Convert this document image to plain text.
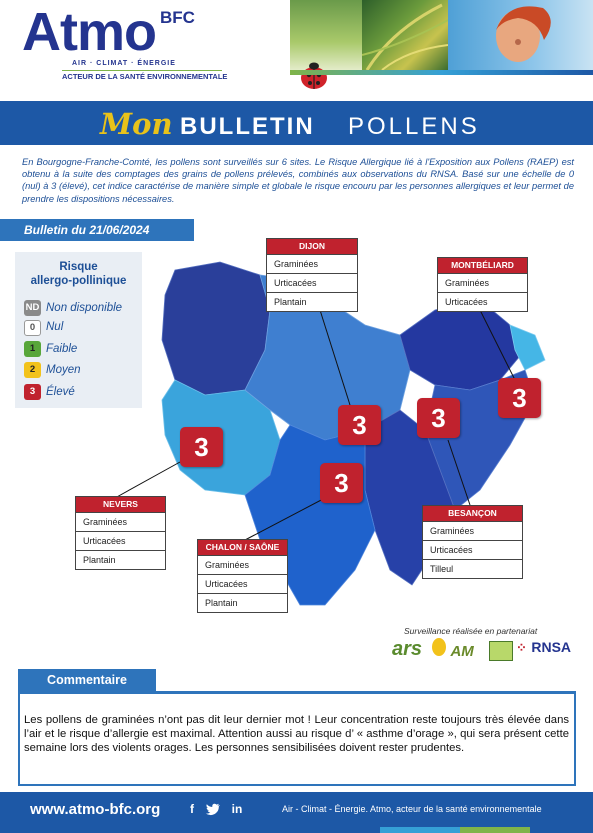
Atmo BFC
AIR · CLIMAT · ÉNERGIE
ACTEUR DE LA SANTÉ ENVIRONNEMENTALE
Mon BULLETIN POLLENS
En Bourgogne-Franche-Comté, les pollens sont surveillés sur 6 sites. Le Risque Allergique lié à l'Exposition aux Pollens (RAEP) est obtenu à la suite des comptages des grains de pollens prélevés, combinés aux observations du RNSA. Basé sur une échelle de 0 (nul) à 3 (élevé), cet indice caractérise de manière simple et globale le risque encouru par les personnes allergiques et leur permet de prendre les dispositions nécessaires.
Bulletin du 21/06/2024
Risque
allergo-pollinique
ND Non disponible
0 Nul
1 Faible
2 Moyen
3 Élevé
3
3
3
3
3
DIJON
Graminées
Urticacées
Plantain
MONTBÉLIARD
Graminées
Urticacées
NEVERS
Graminées
Urticacées
Plantain
CHALON / SAÔNE
Graminées
Urticacées
Plantain
BESANÇON
Graminées
Urticacées
Tilleul
Surveillance réalisée en partenariat
ars	AM	⁘ RNSA
Commentaire
Les pollens de graminées n’ont pas dit leur dernier mot ! Leur concentration reste toujours très élevée dans l’air et le risque d’allergie est maximal. Attention aussi au risque d’ « asthme d’orage », qui sera présent cette semaine lors des violents orages. Les personnes sensibilisées doivent rester prudentes.
www.atmo-bfc.org	f	in	Air - Climat - Énergie. Atmo, acteur de la santé environnementale
